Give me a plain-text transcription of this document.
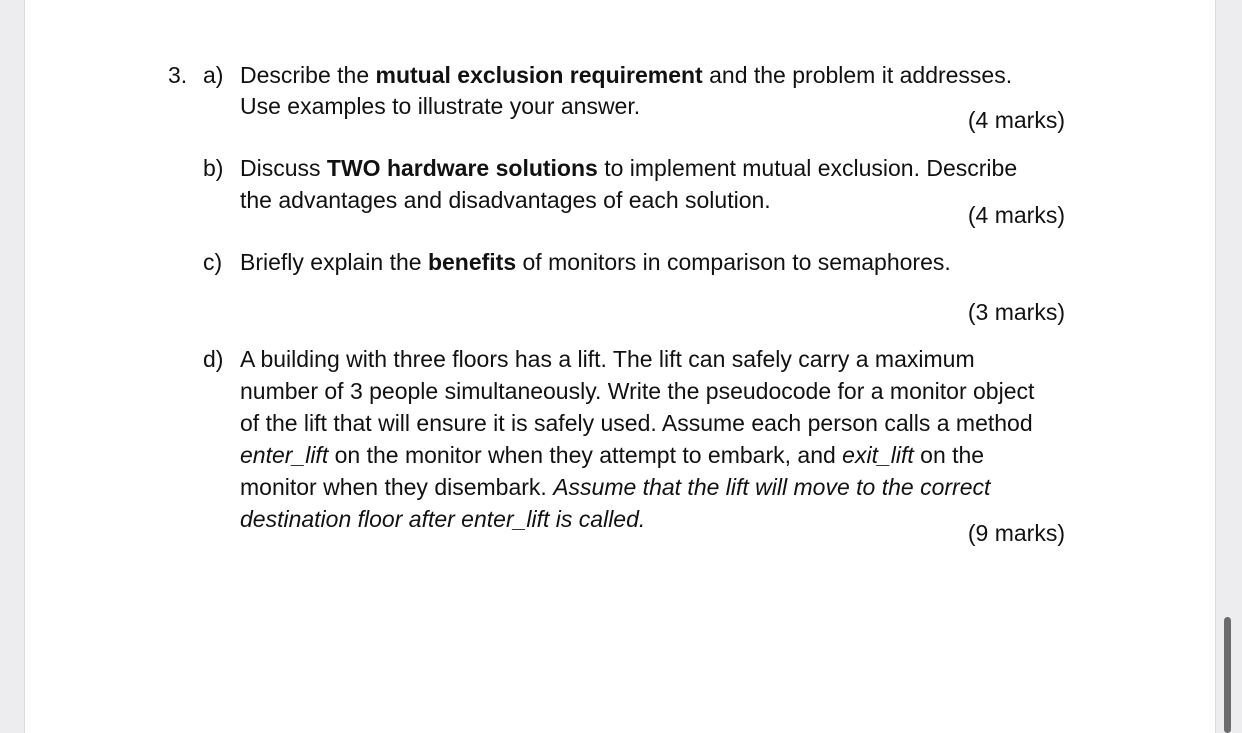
3. a) Describe the mutual exclusion requirement and the problem it addresses.
Use examples to illustrate your answer.
(4 marks)
b) Discuss TWO hardware solutions to implement mutual exclusion. Describe
the advantages and disadvantages of each solution.
(4 marks)
c) Briefly explain the benefits of monitors in comparison to semaphores.
(3 marks)
d) A building with three floors has a lift. The lift can safely carry a maximum
number of 3 people simultaneously. Write the pseudocode for a monitor object
of the lift that will ensure it is safely used. Assume each person calls a method
enter_lift on the monitor when they attempt to embark, and exit_lift on the
monitor when they disembark. Assume that the lift will move to the correct
destination floor after enter_lift is called.
(9 marks)
